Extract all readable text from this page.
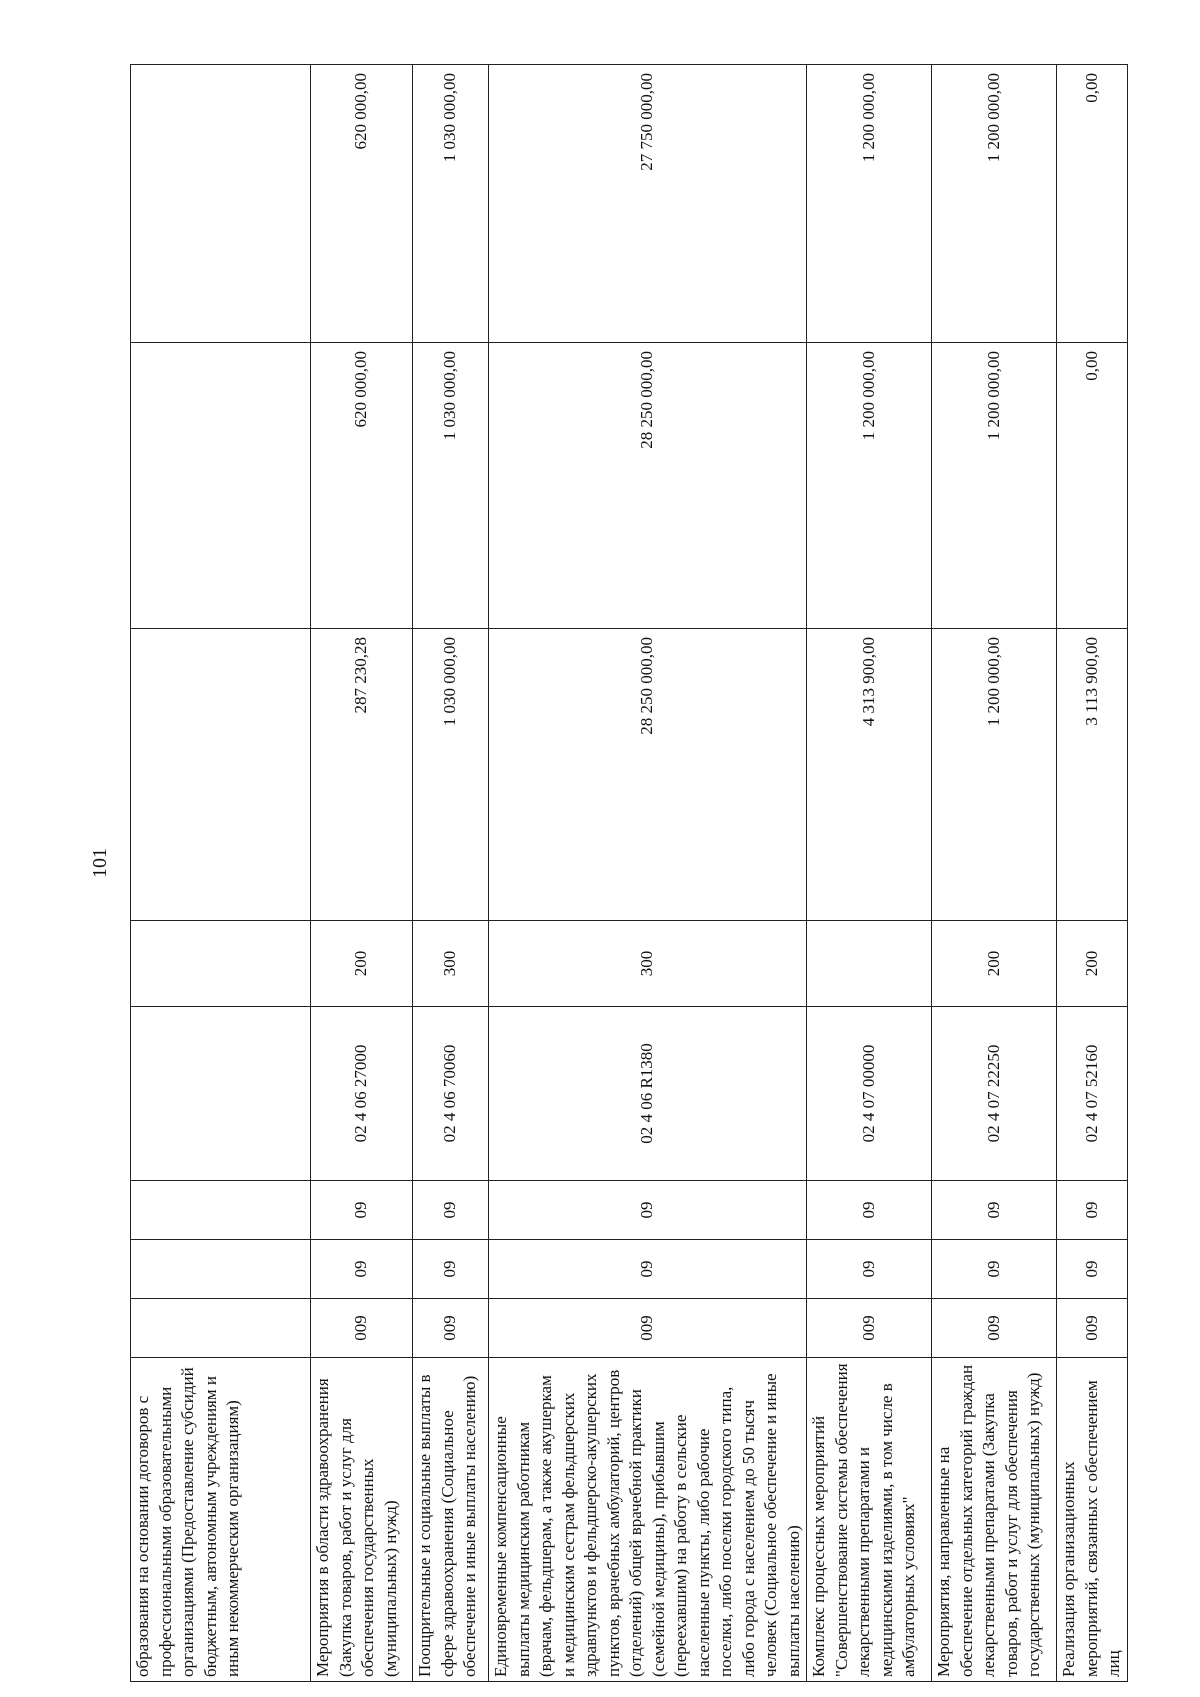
101
образования на основании договоров с профессиональными образовательными организациями (Предоставление субсидий бюджетным, автономным учреждениям и иным некоммерческим организациям)								
Мероприятия в области здравоохранения (Закупка товаров, работ и услуг для обеспечения государственных (муниципальных) нужд)	009	09	09	02 4 06 27000	200	287 230,28	620 000,00	620 000,00
Поощрительные и социальные выплаты в сфере здравоохранения (Социальное обеспечение и иные выплаты населению)	009	09	09	02 4 06 70060	300	1 030 000,00	1 030 000,00	1 030 000,00
Единовременные компенсационные выплаты медицинским работникам (врачам, фельдшерам, а также акушеркам и медицинским сестрам фельдшерских здравпунктов и фельдшерско-акушерских пунктов, врачебных амбулаторий, центров (отделений) общей врачебной практики (семейной медицины), прибывшим (переехавшим) на работу в сельские населенные пункты, либо рабочие поселки, либо поселки городского типа, либо города с населением до 50 тысяч человек (Социальное обеспечение и иные выплаты населению)	009	09	09	02 4 06 R1380	300	28 250 000,00	28 250 000,00	27 750 000,00
Комплекс процессных мероприятий "Совершенствование системы обеспечения лекарственными препаратами и медицинскими изделиями, в том числе в амбулаторных условиях"	009	09	09	02 4 07 00000		4 313 900,00	1 200 000,00	1 200 000,00
Мероприятия, направленные на обеспечение отдельных категорий граждан лекарственными препаратами (Закупка товаров, работ и услуг для обеспечения государственных (муниципальных) нужд)	009	09	09	02 4 07 22250	200	1 200 000,00	1 200 000,00	1 200 000,00
Реализация организационных мероприятий, связанных с обеспечением лиц	009	09	09	02 4 07 52160	200	3 113 900,00	0,00	0,00
